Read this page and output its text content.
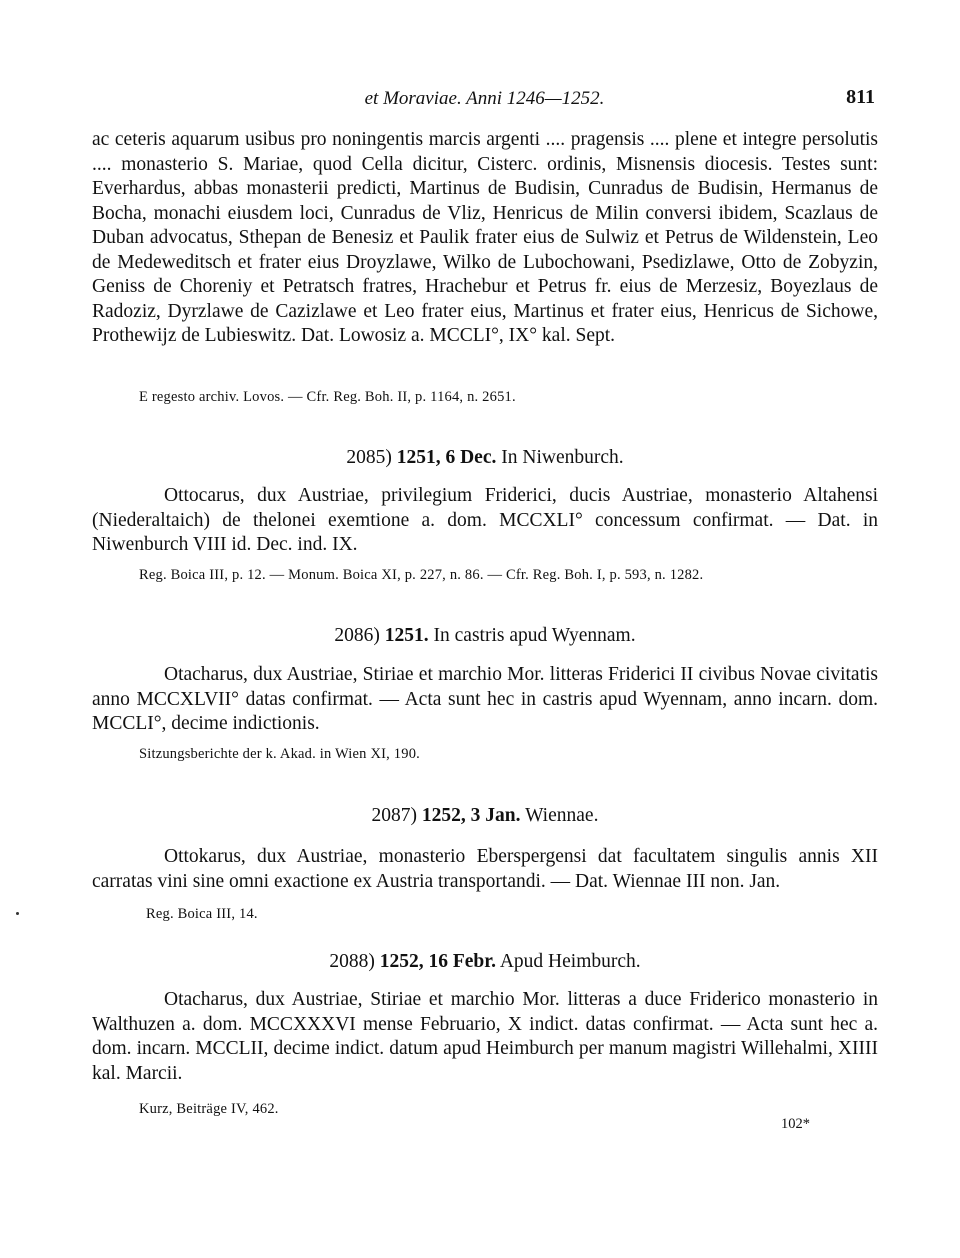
et Moraviae. Anni 1246—1252.	811

ac ceteris aquarum usibus pro noningentis marcis argenti .... pragensis .... plene et integre persolutis .... monasterio S. Mariae, quod Cella dicitur, Cisterc. ordinis, Misnensis diocesis. Testes sunt: Everhardus, abbas monasterii predicti, Martinus de Budisin, Cunradus de Budisin, Hermanus de Bocha, monachi eiusdem loci, Cunradus de Vliz, Henricus de Milin conversi ibidem, Scazlaus de Duban advocatus, Sthepan de Benesiz et Paulik frater eius de Sulwiz et Petrus de Wildenstein, Leo de Medeweditsch et frater eius Droyzlawe, Wilko de Lubochowani, Psedizlawe, Otto de Zobyzin, Geniss de Choreniy et Petratsch fratres, Hrachebur et Petrus fr. eius de Merzesiz, Boyezlaus de Radoziz, Dyrzlawe de Cazizlawe et Leo frater eius, Martinus et frater eius, Henricus de Sichowe, Prothewijz de Lubieswitz. Dat. Lowosiz a. MCCLI°, IX° kal. Sept.

E regesto archiv. Lovos. — Cfr. Reg. Boh. II, p. 1164, n. 2651.
2085) 1251, 6 Dec. In Niwenburch.

Ottocarus, dux Austriae, privilegium Friderici, ducis Austriae, monasterio Altahensi (Niederaltaich) de thelonei exemtione a. dom. MCCXLI° concessum confirmat. — Dat. in Niwenburch VIII id. Dec. ind. IX.

Reg. Boica III, p. 12. — Monum. Boica XI, p. 227, n. 86. — Cfr. Reg. Boh. I, p. 593, n. 1282.
2086) 1251. In castris apud Wyennam.

Otacharus, dux Austriae, Stiriae et marchio Mor. litteras Friderici II civibus Novae civitatis anno MCCXLVII° datas confirmat. — Acta sunt hec in castris apud Wyennam, anno incarn. dom. MCCLI°, decime indictionis.

Sitzungsberichte der k. Akad. in Wien XI, 190.
2087) 1252, 3 Jan. Wiennae.

Ottokarus, dux Austriae, monasterio Eberspergensi dat facultatem singulis annis XII carratas vini sine omni exactione ex Austria transportandi. — Dat. Wiennae III non. Jan.

Reg. Boica III, 14.
2088) 1252, 16 Febr. Apud Heimburch.

Otacharus, dux Austriae, Stiriae et marchio Mor. litteras a duce Friderico monasterio in Walthuzen a. dom. MCCXXXVI mense Februario, X indict. datas confirmat. — Acta sunt hec a. dom. incarn. MCCLII, decime indict. datum apud Heimburch per manum magistri Willehalmi, XIIII kal. Marcii.

Kurz, Beiträge IV, 462.
102*
